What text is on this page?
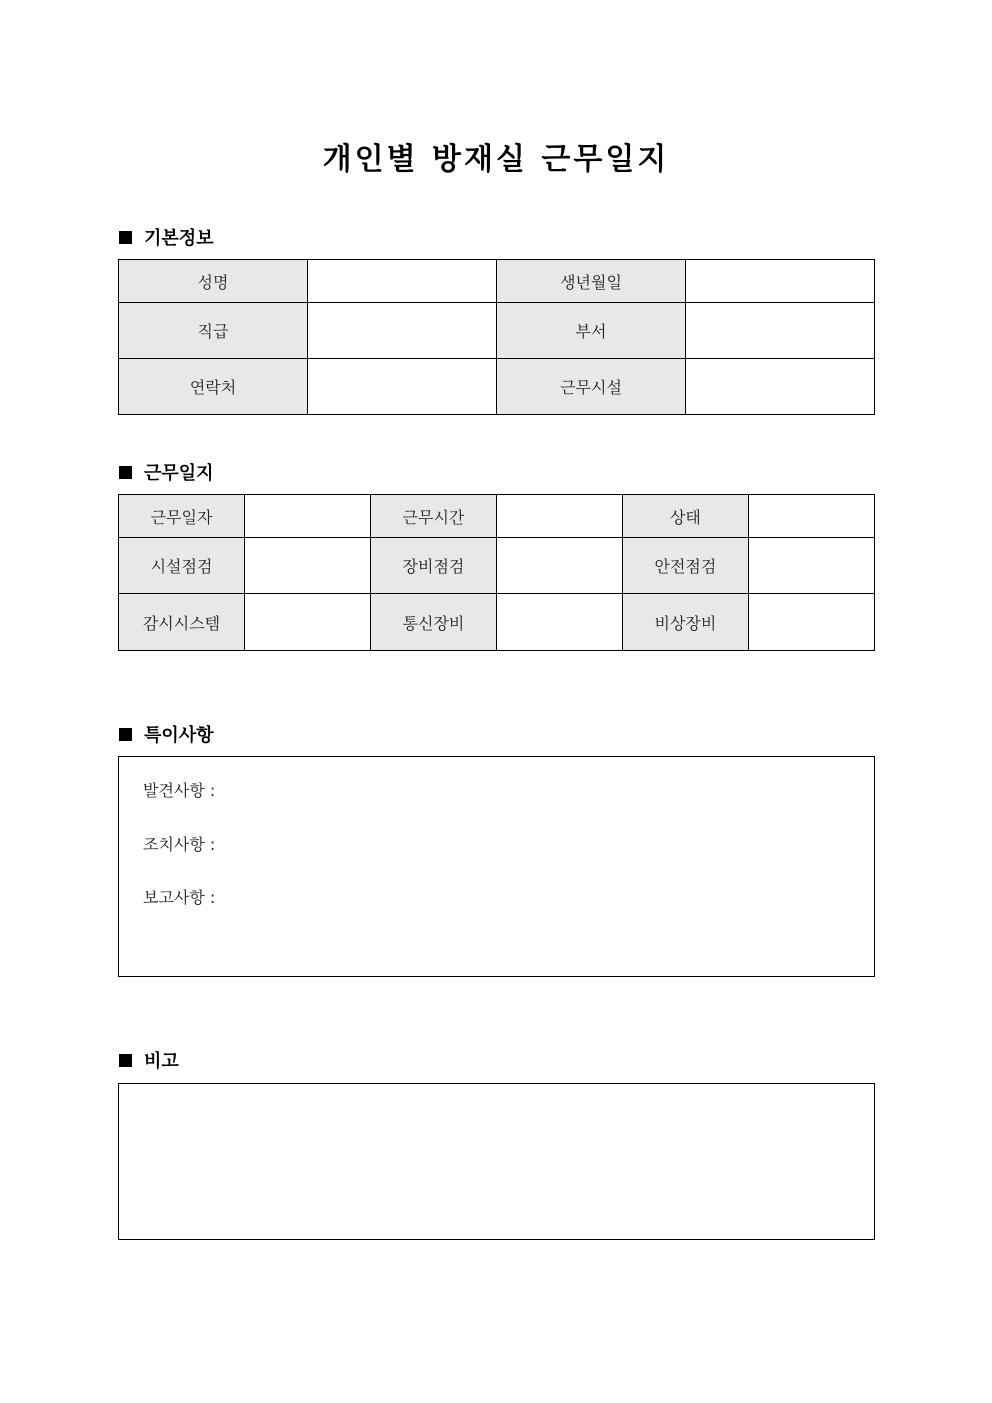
개인별 방재실 근무일지
기본정보
성명		생년월일	
직급		부서	
연락처		근무시설	
근무일지
근무일자		근무시간		상태	
시설점검		장비점검		안전점검	
감시시스템		통신장비		비상장비	
특이사항
발견사항 :
조치사항 :
보고사항 :
비고
